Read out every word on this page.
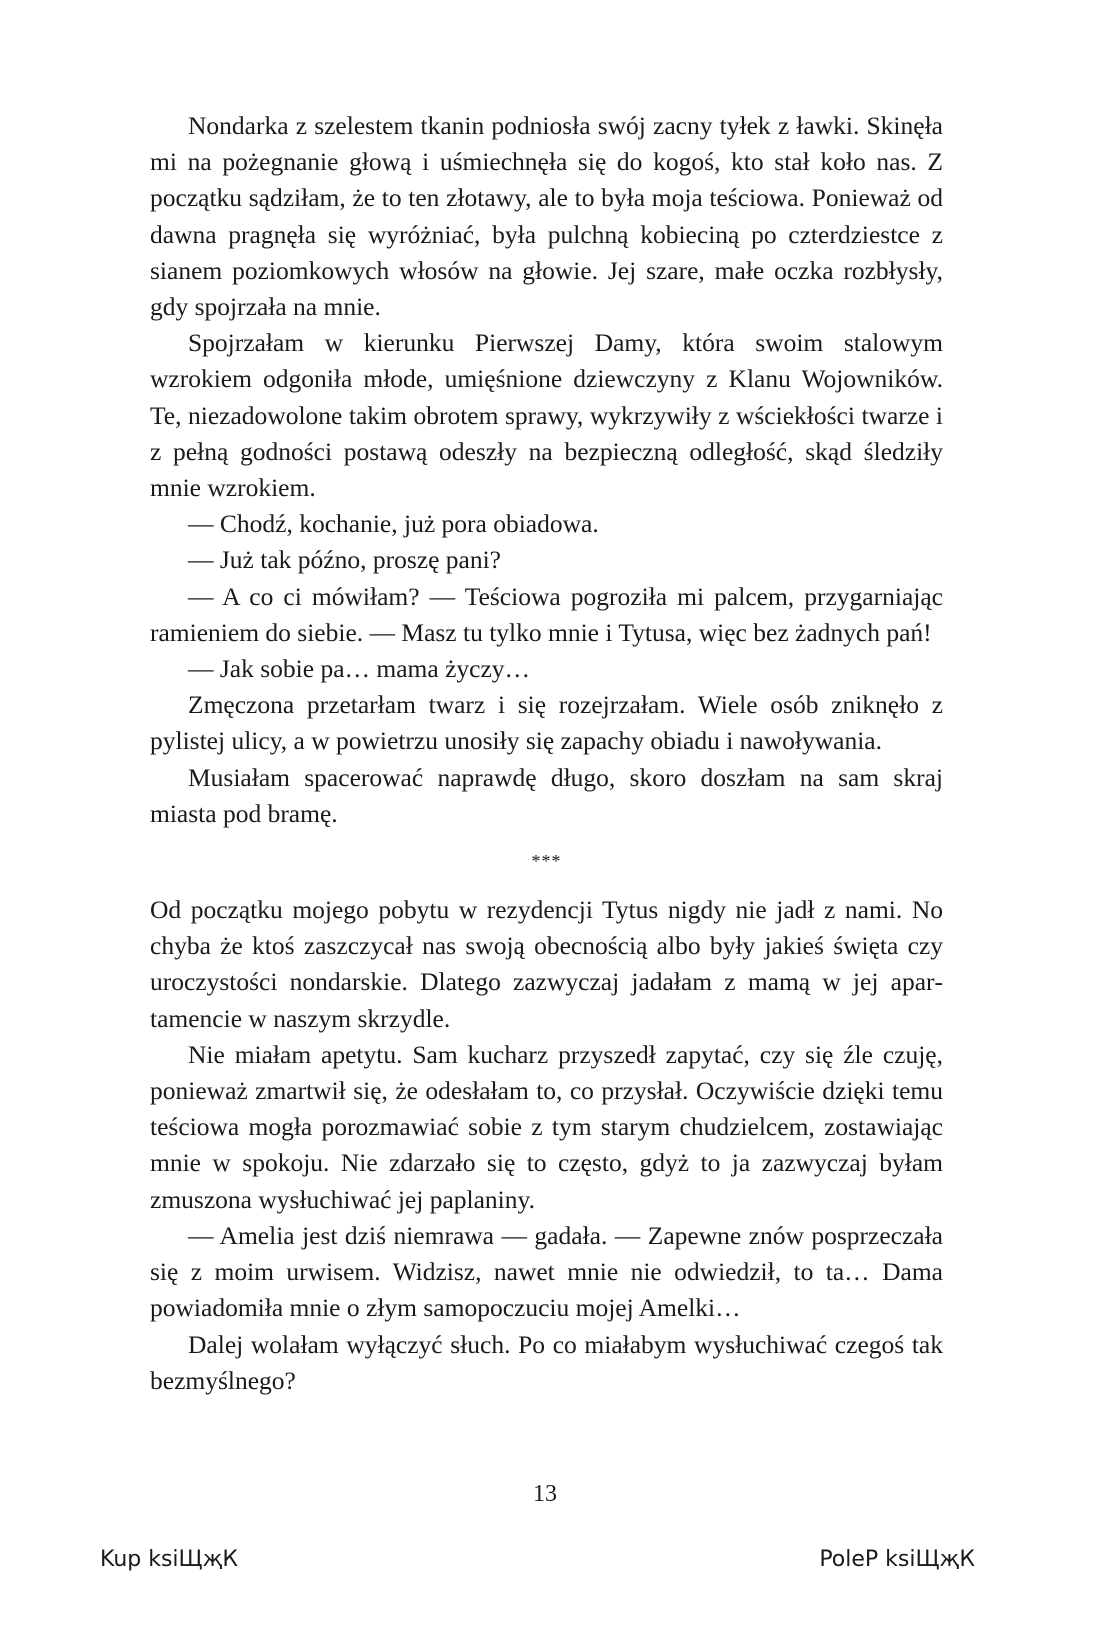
Nondarka z szelestem tkanin podniosła swój zacny tyłek z ławki. Skinęła mi na pożegnanie głową i uśmiechnęła się do kogoś, kto stał koło nas. Z początku sądziłam, że to ten złotawy, ale to była moja teściowa. Ponieważ od dawna pragnęła się wyróżniać, była pulchną kobieciną po czterdziestce z sianem poziomkowych włosów na głowie. Jej szare, małe oczka rozbłysły, gdy spojrzała na mnie.

Spojrzałam w kierunku Pierwszej Damy, która swoim stalowym wzrokiem odgoniła młode, umięśnione dziewczyny z Klanu Wojowników. Te, niezadowolone takim obrotem sprawy, wykrzywiły z wściekłości twarze i z pełną godności postawą odeszły na bezpieczną odległość, skąd śledziły mnie wzrokiem.

— Chodź, kochanie, już pora obiadowa.

— Już tak późno, proszę pani?

— A co ci mówiłam? — Teściowa pogroziła mi palcem, przygarniając ramieniem do siebie. — Masz tu tylko mnie i Tytusa, więc bez żadnych pań!

— Jak sobie pa… mama życzy…

Zmęczona przetarłam twarz i się rozejrzałam. Wiele osób zniknęło z pylistej ulicy, a w powietrzu unosiły się zapachy obiadu i nawoływania.

Musiałam spacerować naprawdę długo, skoro doszłam na sam skraj miasta pod bramę.

***

Od początku mojego pobytu w rezydencji Tytus nigdy nie jadł z nami. No chyba że ktoś zaszczycał nas swoją obecnością albo były jakieś święta czy uroczystości nondarskie. Dlatego zazwyczaj jadałam z mamą w jej apartamencie w naszym skrzydle.

Nie miałam apetytu. Sam kucharz przyszedł zapytać, czy się źle czuję, ponieważ zmartwił się, że odesłałam to, co przysłał. Oczywiście dzięki temu teściowa mogła porozmawiać sobie z tym starym chudzielcem, zostawiając mnie w spokoju. Nie zdarzało się to często, gdyż to ja zazwyczaj byłam zmuszona wysłuchiwać jej paplaniny.

— Amelia jest dziś niemrawa — gadała. — Zapewne znów posprzeczała się z moim urwisem. Widzisz, nawet mnie nie odwiedził, to ta… Dama powiadomiła mnie o złym samopoczuciu mojej Amelki…

Dalej wolałam wyłączyć słuch. Po co miałabym wysłuchiwać czegoś tak bezmyślnego?

13
Kup ksiЩҗК	PoleP ksiЩҗК
